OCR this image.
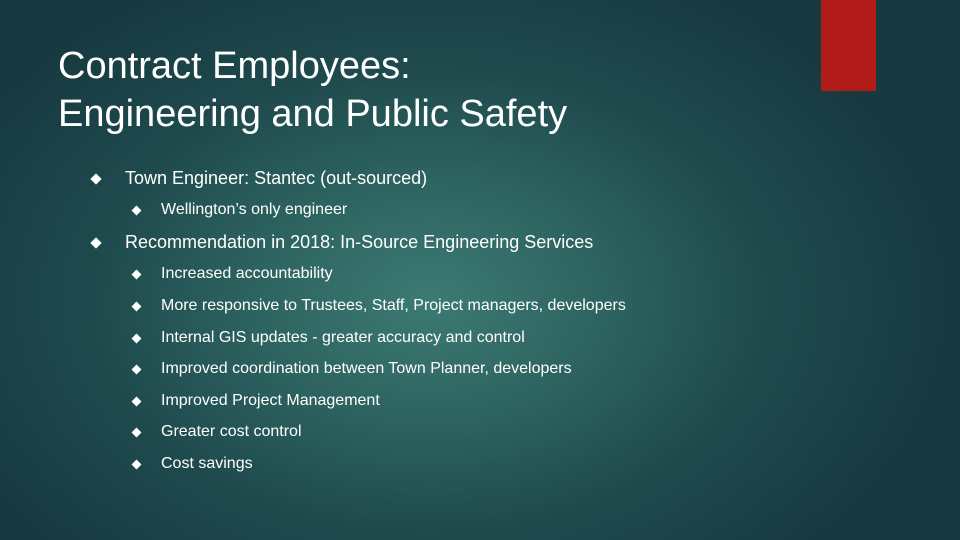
Contract Employees:
Engineering and Public Safety
Town Engineer: Stantec (out-sourced)
Wellington’s only engineer
Recommendation in 2018: In-Source Engineering Services
Increased accountability
More responsive to Trustees, Staff, Project managers, developers
Internal GIS updates - greater accuracy and control
Improved coordination between Town Planner, developers
Improved Project Management
Greater cost control
Cost savings
